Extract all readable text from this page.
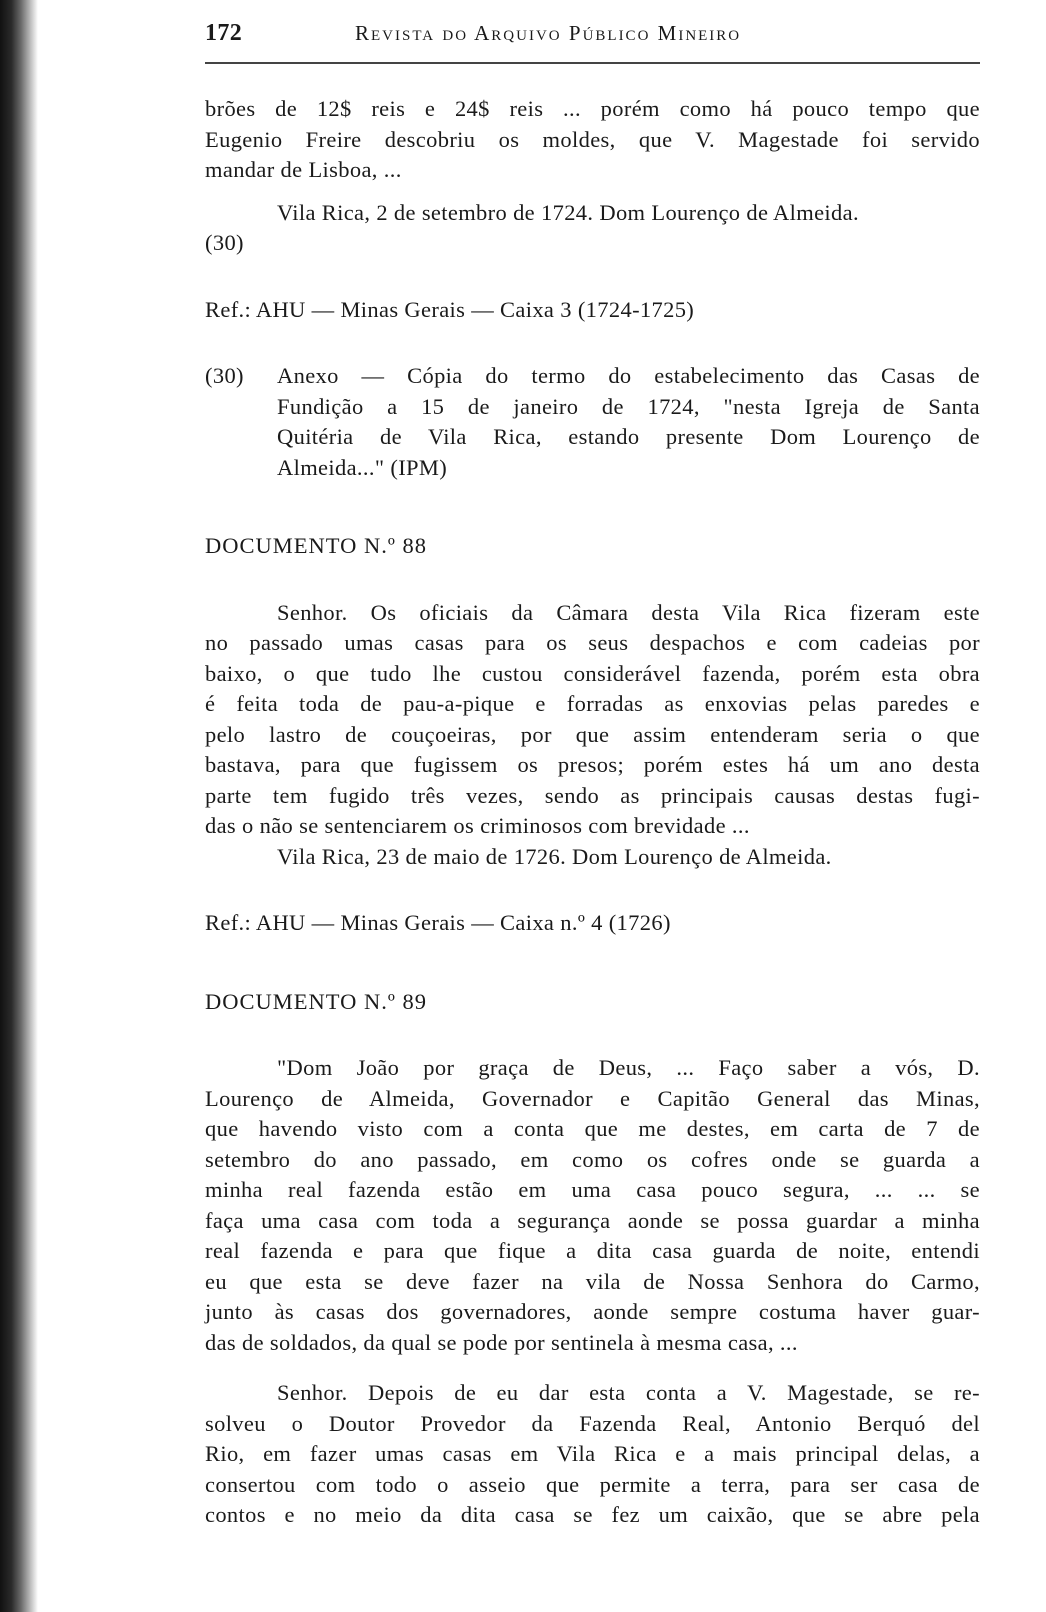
172	Revista do Arquivo Público Mineiro
brões de 12$ reis e 24$ reis ... porém como há pouco tempo que
Eugenio Freire descobriu os moldes, que V. Magestade foi servido
mandar de Lisboa, ...
Vila Rica, 2 de setembro de 1724. Dom Lourenço de Almeida.
(30)
Ref.: AHU — Minas Gerais — Caixa 3 (1724-1725)
(30)	Anexo — Cópia do termo do estabelecimento das Casas de
Fundição a 15 de janeiro de 1724, "nesta Igreja de Santa
Quitéria de Vila Rica, estando presente Dom Lourenço de
Almeida..." (IPM)
DOCUMENTO N.º 88
Senhor. Os oficiais da Câmara desta Vila Rica fizeram este
no passado umas casas para os seus despachos e com cadeias por
baixo, o que tudo lhe custou considerável fazenda, porém esta obra
é feita toda de pau-a-pique e forradas as enxovias pelas paredes e
pelo lastro de couçoeiras, por que assim entenderam seria o que
bastava, para que fugissem os presos; porém estes há um ano desta
parte tem fugido três vezes, sendo as principais causas destas fugi-
das o não se sentenciarem os criminosos com brevidade ...
Vila Rica, 23 de maio de 1726. Dom Lourenço de Almeida.
Ref.: AHU — Minas Gerais — Caixa n.º 4 (1726)
DOCUMENTO N.º 89
"Dom João por graça de Deus, ... Faço saber a vós, D.
Lourenço de Almeida, Governador e Capitão General das Minas,
que havendo visto com a conta que me destes, em carta de 7 de
setembro do ano passado, em como os cofres onde se guarda a
minha real fazenda estão em uma casa pouco segura, ... ... se
faça uma casa com toda a segurança aonde se possa guardar a minha
real fazenda e para que fique a dita casa guarda de noite, entendi
eu que esta se deve fazer na vila de Nossa Senhora do Carmo,
junto às casas dos governadores, aonde sempre costuma haver guar-
das de soldados, da qual se pode por sentinela à mesma casa, ...
Senhor. Depois de eu dar esta conta a V. Magestade, se re-
solveu o Doutor Provedor da Fazenda Real, Antonio Berquó del
Rio, em fazer umas casas em Vila Rica e a mais principal delas, a
consertou com todo o asseio que permite a terra, para ser casa de
contos e no meio da dita casa se fez um caixão, que se abre pela
